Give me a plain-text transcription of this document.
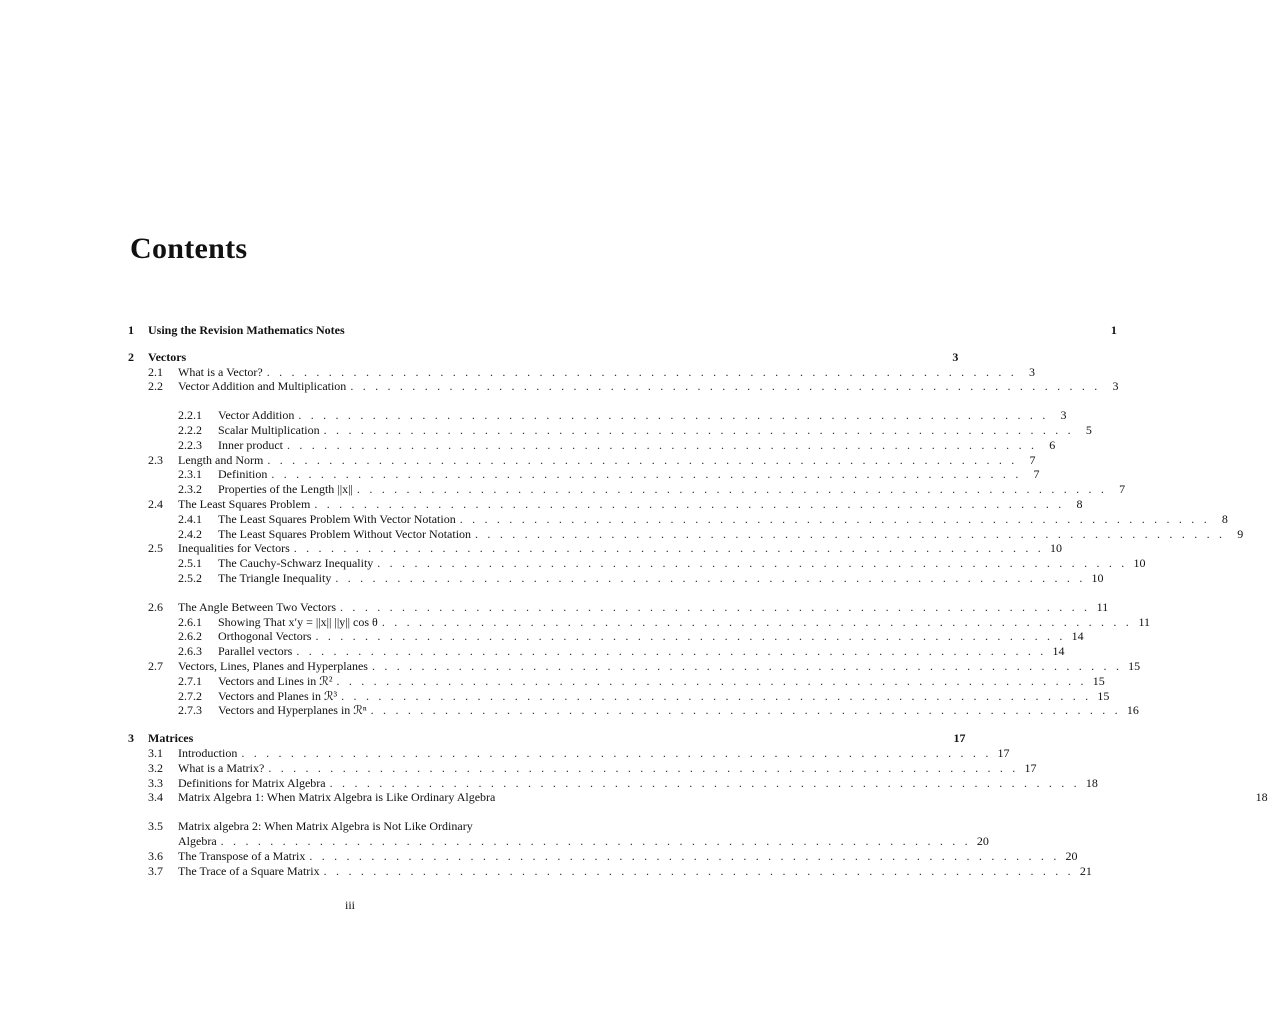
Contents
1	Using the Revision Mathematics Notes	1
2	Vectors	3
2.1	What is a Vector? . . . . . . . . . . . . . . . . . . . . . . . . . . . . . . . . . . . . . . . . . . . . . . . . . . . . . . . . . . . . .	3
2.2	Vector Addition and Multiplication . . . . . . . . . . . . . . . . . . . . . . . . . . . . . . . . . . . . . . . . . . . . . . . . . . . . . . . . . . . . .	3
2.2.1	Vector Addition . . . . . . . . . . . . . . . . . . . . . . . . . . . . . . . . . . . . . . . . . . . . . . . . . . . . . . . . . . . . .	3
2.2.2	Scalar Multiplication . . . . . . . . . . . . . . . . . . . . . . . . . . . . . . . . . . . . . . . . . . . . . . . . . . . . . . . . . . . . .	5
2.2.3	Inner product . . . . . . . . . . . . . . . . . . . . . . . . . . . . . . . . . . . . . . . . . . . . . . . . . . . . . . . . . . . . .	6
2.3	Length and Norm . . . . . . . . . . . . . . . . . . . . . . . . . . . . . . . . . . . . . . . . . . . . . . . . . . . . . . . . . . . . .	7
2.3.1	Definition . . . . . . . . . . . . . . . . . . . . . . . . . . . . . . . . . . . . . . . . . . . . . . . . . . . . . . . . . . . . .	7
2.3.2	Properties of the Length ||x|| . . . . . . . . . . . . . . . . . . . . . . . . . . . . . . . . . . . . . . . . . . . . . . . . . . . . . . . . . . . . .	7
2.4	The Least Squares Problem . . . . . . . . . . . . . . . . . . . . . . . . . . . . . . . . . . . . . . . . . . . . . . . . . . . . . . . . . . . . .	8
2.4.1	The Least Squares Problem With Vector Notation . . . . . . . . . . . . . . . . . . . . . . . . . . . . . . . . . . . . . . . . . . . . . . . . . . . . . . . . . . . . .	8
2.4.2	The Least Squares Problem Without Vector Notation . . . . . . . . . . . . . . . . . . . . . . . . . . . . . . . . . . . . . . . . . . . . . . . . . . . . . . . . . . . . .	9
2.5	Inequalities for Vectors . . . . . . . . . . . . . . . . . . . . . . . . . . . . . . . . . . . . . . . . . . . . . . . . . . . . . . . . . . . . . 10
2.5.1	The Cauchy-Schwarz Inequality . . . . . . . . . . . . . . . . . . . . . . . . . . . . . . . . . . . . . . . . . . . . . . . . . . . . . . . . . . . . . 10
2.5.2	The Triangle Inequality . . . . . . . . . . . . . . . . . . . . . . . . . . . . . . . . . . . . . . . . . . . . . . . . . . . . . . . . . . . . . 10
2.6	The Angle Between Two Vectors . . . . . . . . . . . . . . . . . . . . . . . . . . . . . . . . . . . . . . . . . . . . . . . . . . . . . . . . . . . . . 11
2.6.1	Showing That x′y = ||x|| ||y|| cos θ . . . . . . . . . . . . . . . . . . . . . . . . . . . . . . . . . . . . . . . . . . . . . . . . . . . . . . . . . . . . . 11
2.6.2	Orthogonal Vectors . . . . . . . . . . . . . . . . . . . . . . . . . . . . . . . . . . . . . . . . . . . . . . . . . . . . . . . . . . . . . 14
2.6.3	Parallel vectors . . . . . . . . . . . . . . . . . . . . . . . . . . . . . . . . . . . . . . . . . . . . . . . . . . . . . . . . . . . . . 14
2.7	Vectors, Lines, Planes and Hyperplanes . . . . . . . . . . . . . . . . . . . . . . . . . . . . . . . . . . . . . . . . . . . . . . . . . . . . . . . . . . . . . 15
2.7.1	Vectors and Lines in ℛ² . . . . . . . . . . . . . . . . . . . . . . . . . . . . . . . . . . . . . . . . . . . . . . . . . . . . . . . . . . . . . 15
2.7.2	Vectors and Planes in ℛ³ . . . . . . . . . . . . . . . . . . . . . . . . . . . . . . . . . . . . . . . . . . . . . . . . . . . . . . . . . . . . . 15
2.7.3	Vectors and Hyperplanes in ℛⁿ . . . . . . . . . . . . . . . . . . . . . . . . . . . . . . . . . . . . . . . . . . . . . . . . . . . . . . . . . . . . . 16
3	Matrices	17
3.1	Introduction . . . . . . . . . . . . . . . . . . . . . . . . . . . . . . . . . . . . . . . . . . . . . . . . . . . . . . . . . . . . . 17
3.2	What is a Matrix? . . . . . . . . . . . . . . . . . . . . . . . . . . . . . . . . . . . . . . . . . . . . . . . . . . . . . . . . . . . . . 17
3.3	Definitions for Matrix Algebra . . . . . . . . . . . . . . . . . . . . . . . . . . . . . . . . . . . . . . . . . . . . . . . . . . . . . . . . . . . . . 18
3.4	Matrix Algebra 1: When Matrix Algebra is Like Ordinary Algebra	18
3.5	Matrix algebra 2: When Matrix Algebra is Not Like Ordinary
Algebra . . . . . . . . . . . . . . . . . . . . . . . . . . . . . . . . . . . . . . . . . . . . . . . . . . . . . . . . . . . . . 20
3.6	The Transpose of a Matrix . . . . . . . . . . . . . . . . . . . . . . . . . . . . . . . . . . . . . . . . . . . . . . . . . . . . . . . . . . . . . 20
3.7	The Trace of a Square Matrix . . . . . . . . . . . . . . . . . . . . . . . . . . . . . . . . . . . . . . . . . . . . . . . . . . . . . . . . . . . . . 21
iii
